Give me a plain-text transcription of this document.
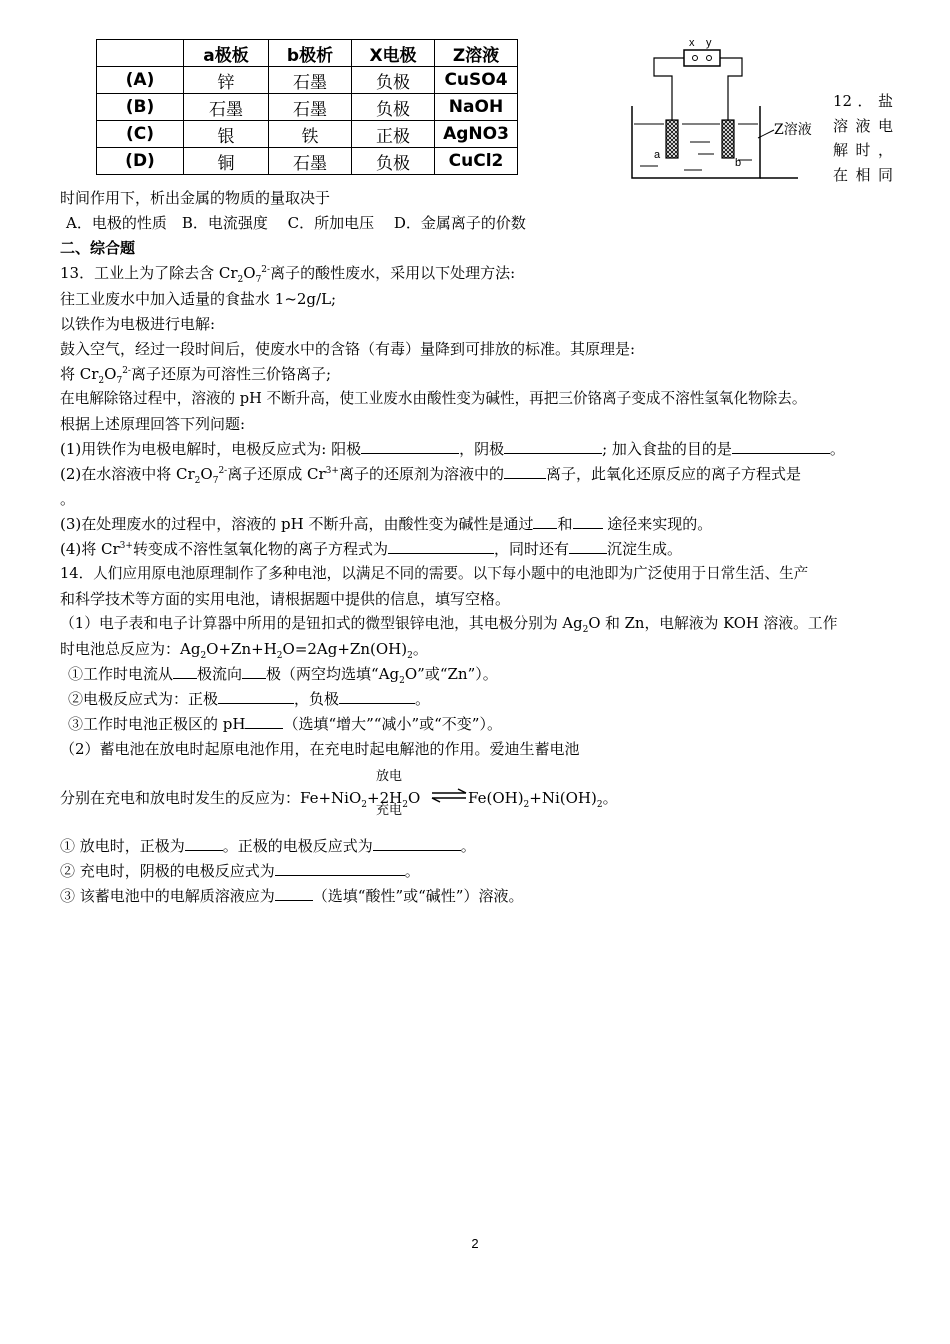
	a极板	b极析	X电极	Z溶液
(A)	锌	石墨	负极	CuSO4
(B)	石墨	石墨	负极	NaOH
(C)	银	铁	正极	AgNO3
(D)	铜	石墨	负极	CuCl2
x y
a
b
Z溶液
12．盐
溶液电
解时，
在相同
时间作用下，析出金属的物质的量取决于
A．电极的性质　B．电流强度　 C．所加电压　 D．金属离子的价数
二、综合题
13．工业上为了除去含 $Cr_2O_7^{2-}$离子的酸性废水，采用以下处理方法:
往工业废水中加入适量的食盐水 1~2g/L;
以铁作为电极进行电解:
鼓入空气，经过一段时间后，使废水中的含铬（有毒）量降到可排放的标准。其原理是:
将 $Cr_2O_7^{2-}$离子还原为可溶性三价铬离子;
在电解除铬过程中，溶液的 pH 不断升高，使工业废水由酸性变为碱性，再把三价铬离子变成不溶性氢氧化物除去。
根据上述原理回答下列问题:
(1)用铁作为电极电解时，电极反应式为: 阳极	，阴极	; 加入食盐的目的是	。
(2)在水溶液中将 $Cr_2O_7^{2-}$离子还原成 $Cr^{3+}$离子的还原剂为溶液中的	离子，此氧化还原反应的离子方程式是
。
(3)在处理废水的过程中，溶液的 pH 不断升高，由酸性变为碱性是通过 和 途径来实现的。
(4)将 $Cr^{3+}$转变成不溶性氢氧化物的离子方程式为	，同时还有	沉淀生成。
14．人们应用原电池原理制作了多种电池，以满足不同的需要。以下每小题中的电池即为广泛使用于日常生活、生产
和科学技术等方面的实用电池，请根据题中提供的信息，填写空格。
（1）电子表和电子计算器中所用的是钮扣式的微型银锌电池，其电极分别为 $Ag_2O$ 和 Zn，电解液为 KOH 溶液。工作
时电池总反应为：$Ag_2O+Zn+H_2O=2Ag+Zn(OH)_2$。
①工作时电流从 极流向 极（两空均选填“$Ag_2O$”或“Zn”）。
②电极反应式为：正极	，负极	。
③工作时电池正极区的 pH	（选填“增大”“减小”或“不变”）。
（2）蓄电池在放电时起原电池作用，在充电时起电解池的作用。爱迪生蓄电池
放电
分别在充电和放电时发生的反应为：$Fe+NiO_2+2H_2O$ ⇌
$Fe(OH)_2+Ni(OH)_2$。
充电
① 放电时，正极为	。正极的电极反应式为	。
② 充电时，阴极的电极反应式为	。
③ 该蓄电池中的电解质溶液应为	（选填“酸性”或“碱性”）溶液。
2
